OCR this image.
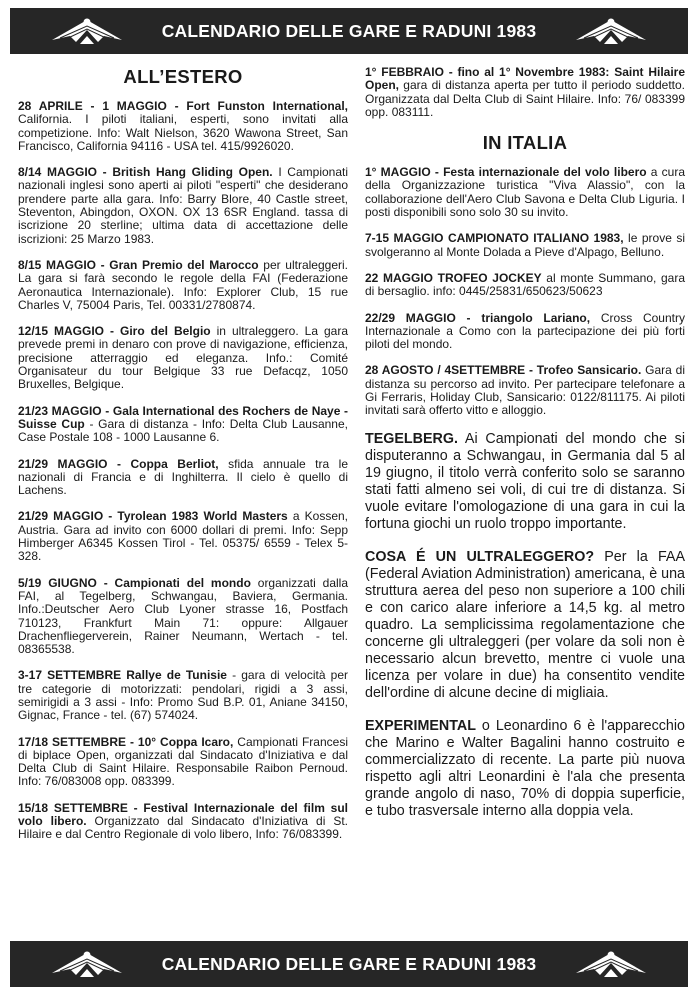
CALENDARIO DELLE GARE E RADUNI 1983
ALL’ESTERO

28 APRILE - 1 MAGGIO - Fort Funston International, California. I piloti italiani, esperti, sono invitati alla competizione. Info: Walt Nielson, 3620 Wawona Street, San Francisco, California 94116 - USA tel. 415/9926020.

8/14 MAGGIO - British Hang Gliding Open. I Campionati nazionali inglesi sono aperti ai piloti "esperti" che desiderano prendere parte alla gara. Info: Barry Blore, 40 Castle street, Steventon, Abingdon, OXON. OX 13 6SR England. tassa di iscrizione 20 sterline; ultima data di accettazione delle iscrizioni: 25 Marzo 1983.

8/15 MAGGIO - Gran Premio del Marocco per ultraleggeri. La gara si farà secondo le regole della FAI (Federazione Aeronautica Internazionale). Info: Explorer Club, 15 rue Charles V, 75004 Paris, Tel. 00331/2780874.

12/15 MAGGIO - Giro del Belgio in ultraleggero. La gara prevede premi in denaro con prove di navigazione, efficienza, precisione atterraggio ed eleganza. Info.: Comité Organisateur du tour Belgique 33 rue Defacqz, 1050 Bruxelles, Belgique.

21/23 MAGGIO - Gala International des Rochers de Naye - Suisse Cup - Gara di distanza - Info: Delta Club Lausanne, Case Postale 108 - 1000 Lausanne 6.

21/29 MAGGIO - Coppa Berliot, sfida annuale tra le nazionali di Francia e di Inghilterra. Il cielo è quello di Lachens.

21/29 MAGGIO - Tyrolean 1983 World Masters a Kossen, Austria. Gara ad invito con 6000 dollari di premi. Info: Sepp Himberger A6345 Kossen Tirol - Tel. 05375/ 6559 - Telex 5-328.

5/19 GIUGNO - Campionati del mondo organizzati dalla FAI, al Tegelberg, Schwangau, Baviera, Germania. Info.:Deutscher Aero Club Lyoner strasse 16, Postfach 710123, Frankfurt Main 71: oppure: Allgauer Drachenfliegerverein, Rainer Neumann, Wertach - tel. 08365538.

3-17 SETTEMBRE Rallye de Tunisie - gara di velocità per tre categorie di motorizzati: pendolari, rigidi a 3 assi, semirigidi a 3 assi - Info: Promo Sud B.P. 01, Aniane 34150, Gignac, France - tel. (67) 574024.

17/18 SETTEMBRE - 10° Coppa Icaro, Campionati Francesi di biplace Open, organizzati dal Sindacato d'Iniziativa e dal Delta Club di Saint Hilaire. Responsabile Raibon Pernoud. Info: 76/083008 opp. 083399.

15/18 SETTEMBRE - Festival Internazionale del film sul volo libero. Organizzato dal Sindacato d'Iniziativa di St. Hilaire e dal Centro Regionale di volo libero, Info: 76/083399.

1° FEBBRAIO - fino al 1° Novembre 1983: Saint Hilaire Open, gara di distanza aperta per tutto il periodo suddetto. Organizzata dal Delta Club di Saint Hilaire. Info: 76/ 083399 opp. 083111.

IN ITALIA

1° MAGGIO - Festa internazionale del volo libero a cura della Organizzazione turistica "Viva Alassio", con la collaborazione dell'Aero Club Savona e Delta Club Liguria. I posti disponibili sono solo 30 su invito.

7-15 MAGGIO CAMPIONATO ITALIANO 1983, le prove si svolgeranno al Monte Dolada a Pieve d'Alpago, Belluno.

22 MAGGIO TROFEO JOCKEY al monte Summano, gara di bersaglio. info: 0445/25831/650623/50623

22/29 MAGGIO - triangolo Lariano, Cross Country Internazionale a Como con la partecipazione dei più forti piloti del mondo.

28 AGOSTO / 4SETTEMBRE - Trofeo Sansicario. Gara di distanza su percorso ad invito. Per partecipare telefonare a Gi Ferraris, Holiday Club, Sansicario: 0122/811175. Ai piloti invitati sarà offerto vitto e alloggio.

TEGELBERG. Ai Campionati del mondo che si disputeranno a Schwangau, in Germania dal 5 al 19 giugno, il titolo verrà conferito solo se saranno stati fatti almeno sei voli, di cui tre di distanza. Si vuole evitare l'omologazione di una gara in cui la fortuna giochi un ruolo troppo importante.

COSA É UN ULTRALEGGERO? Per la FAA (Federal Aviation Administration) americana, è una struttura aerea del peso non superiore a 100 chili e con carico alare inferiore a 14,5 kg. al metro quadro. La semplicissima regolamentazione che concerne gli ultraleggeri (per volare da soli non è necessario alcun brevetto, mentre ci vuole una licenza per volare in due) ha consentito vendite dell'ordine di alcune decine di migliaia.

EXPERIMENTAL o Leonardino 6 è l'apparecchio che Marino e Walter Bagalini hanno costruito e commercializzato di recente. La parte più nuova rispetto agli altri Leonardini è l'ala che presenta grande angolo di naso, 70% di doppia superficie, e tubo trasversale interno alla doppia vela.

CALENDARIO DELLE GARE E RADUNI 1983
